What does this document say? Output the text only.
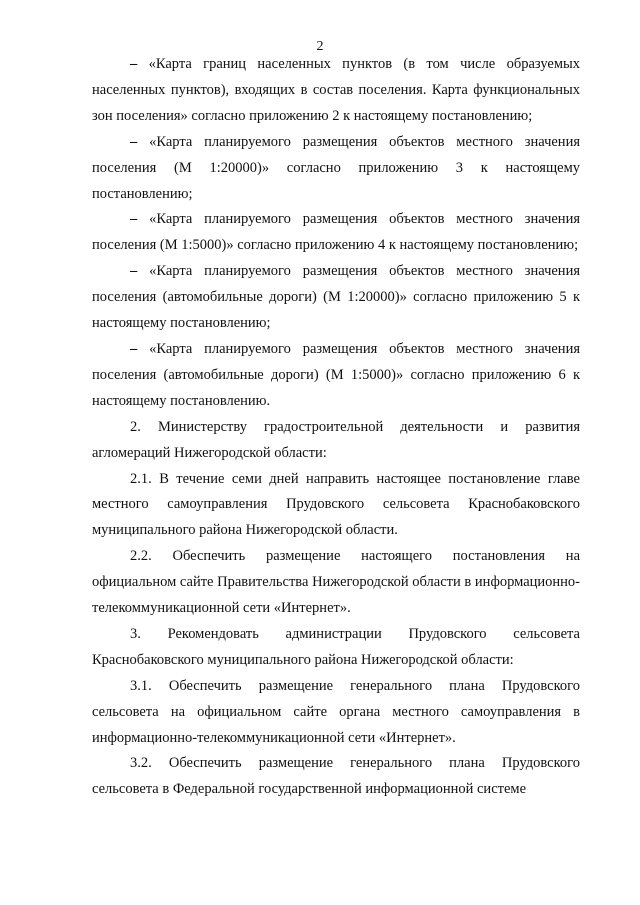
2

– «Карта границ населенных пунктов (в том числе образуемых населенных пунктов), входящих в состав поселения. Карта функциональных зон поселения» согласно приложению 2 к настоящему постановлению;

– «Карта планируемого размещения объектов местного значения поселения (М 1:20000)» согласно приложению 3 к настоящему постановлению;

– «Карта планируемого размещения объектов местного значения поселения (М 1:5000)» согласно приложению 4 к настоящему постановлению;

– «Карта планируемого размещения объектов местного значения поселения (автомобильные дороги) (М 1:20000)» согласно приложению 5 к настоящему постановлению;

– «Карта планируемого размещения объектов местного значения поселения (автомобильные дороги) (М 1:5000)» согласно приложению 6 к настоящему постановлению.

2. Министерству градостроительной деятельности и развития агломераций Нижегородской области:

2.1. В течение семи дней направить настоящее постановление главе местного самоуправления Прудовского сельсовета Краснобаковского муниципального района Нижегородской области.

2.2. Обеспечить размещение настоящего постановления на официальном сайте Правительства Нижегородской области в информационно-телекоммуникационной сети «Интернет».

3. Рекомендовать администрации Прудовского сельсовета Краснобаковского муниципального района Нижегородской области:

3.1. Обеспечить размещение генерального плана Прудовского сельсовета на официальном сайте органа местного самоуправления в информационно-телекоммуникационной сети «Интернет».

3.2. Обеспечить размещение генерального плана Прудовского сельсовета в Федеральной государственной информационной системе
